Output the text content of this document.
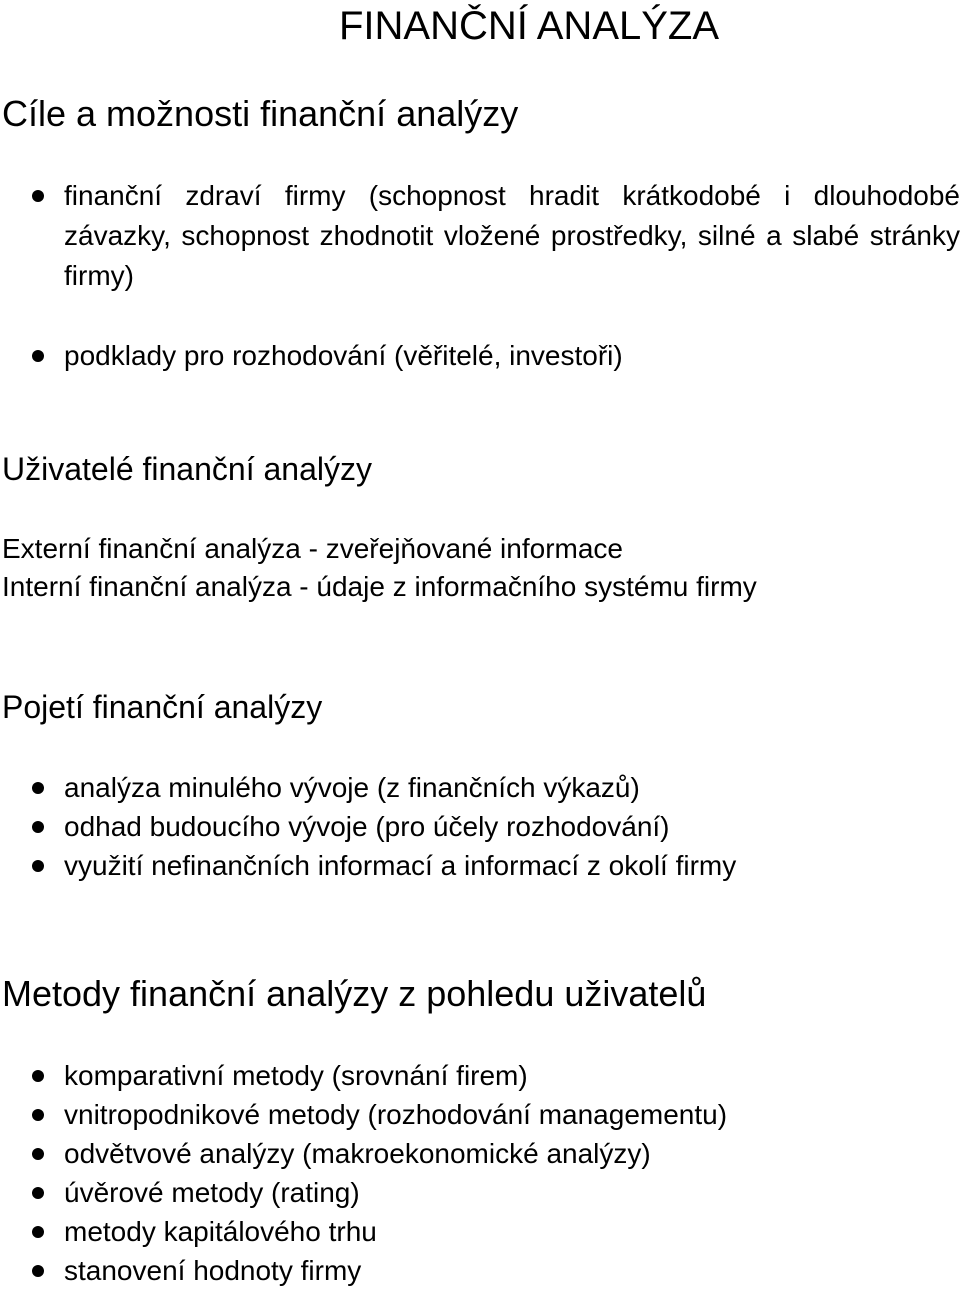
FINANČNÍ ANALÝZA
Cíle a možnosti finanční analýzy
finanční zdraví firmy (schopnost hradit krátkodobé i dlouhodobé závazky, schopnost zhodnotit vložené prostředky, silné a slabé stránky firmy)
podklady pro rozhodování (věřitelé, investoři)
Uživatelé finanční analýzy

Externí finanční analýza - zveřejňované informace

Interní finanční analýza - údaje z informačního systému firmy

Pojetí finanční analýzy
analýza minulého vývoje (z finančních výkazů)
odhad budoucího vývoje (pro účely rozhodování)
využití nefinančních informací a informací z okolí firmy
Metody finanční analýzy z pohledu uživatelů
komparativní metody (srovnání firem)
vnitropodnikové metody (rozhodování managementu)
odvětvové analýzy (makroekonomické analýzy)
úvěrové metody (rating)
metody kapitálového trhu
stanovení hodnoty firmy
